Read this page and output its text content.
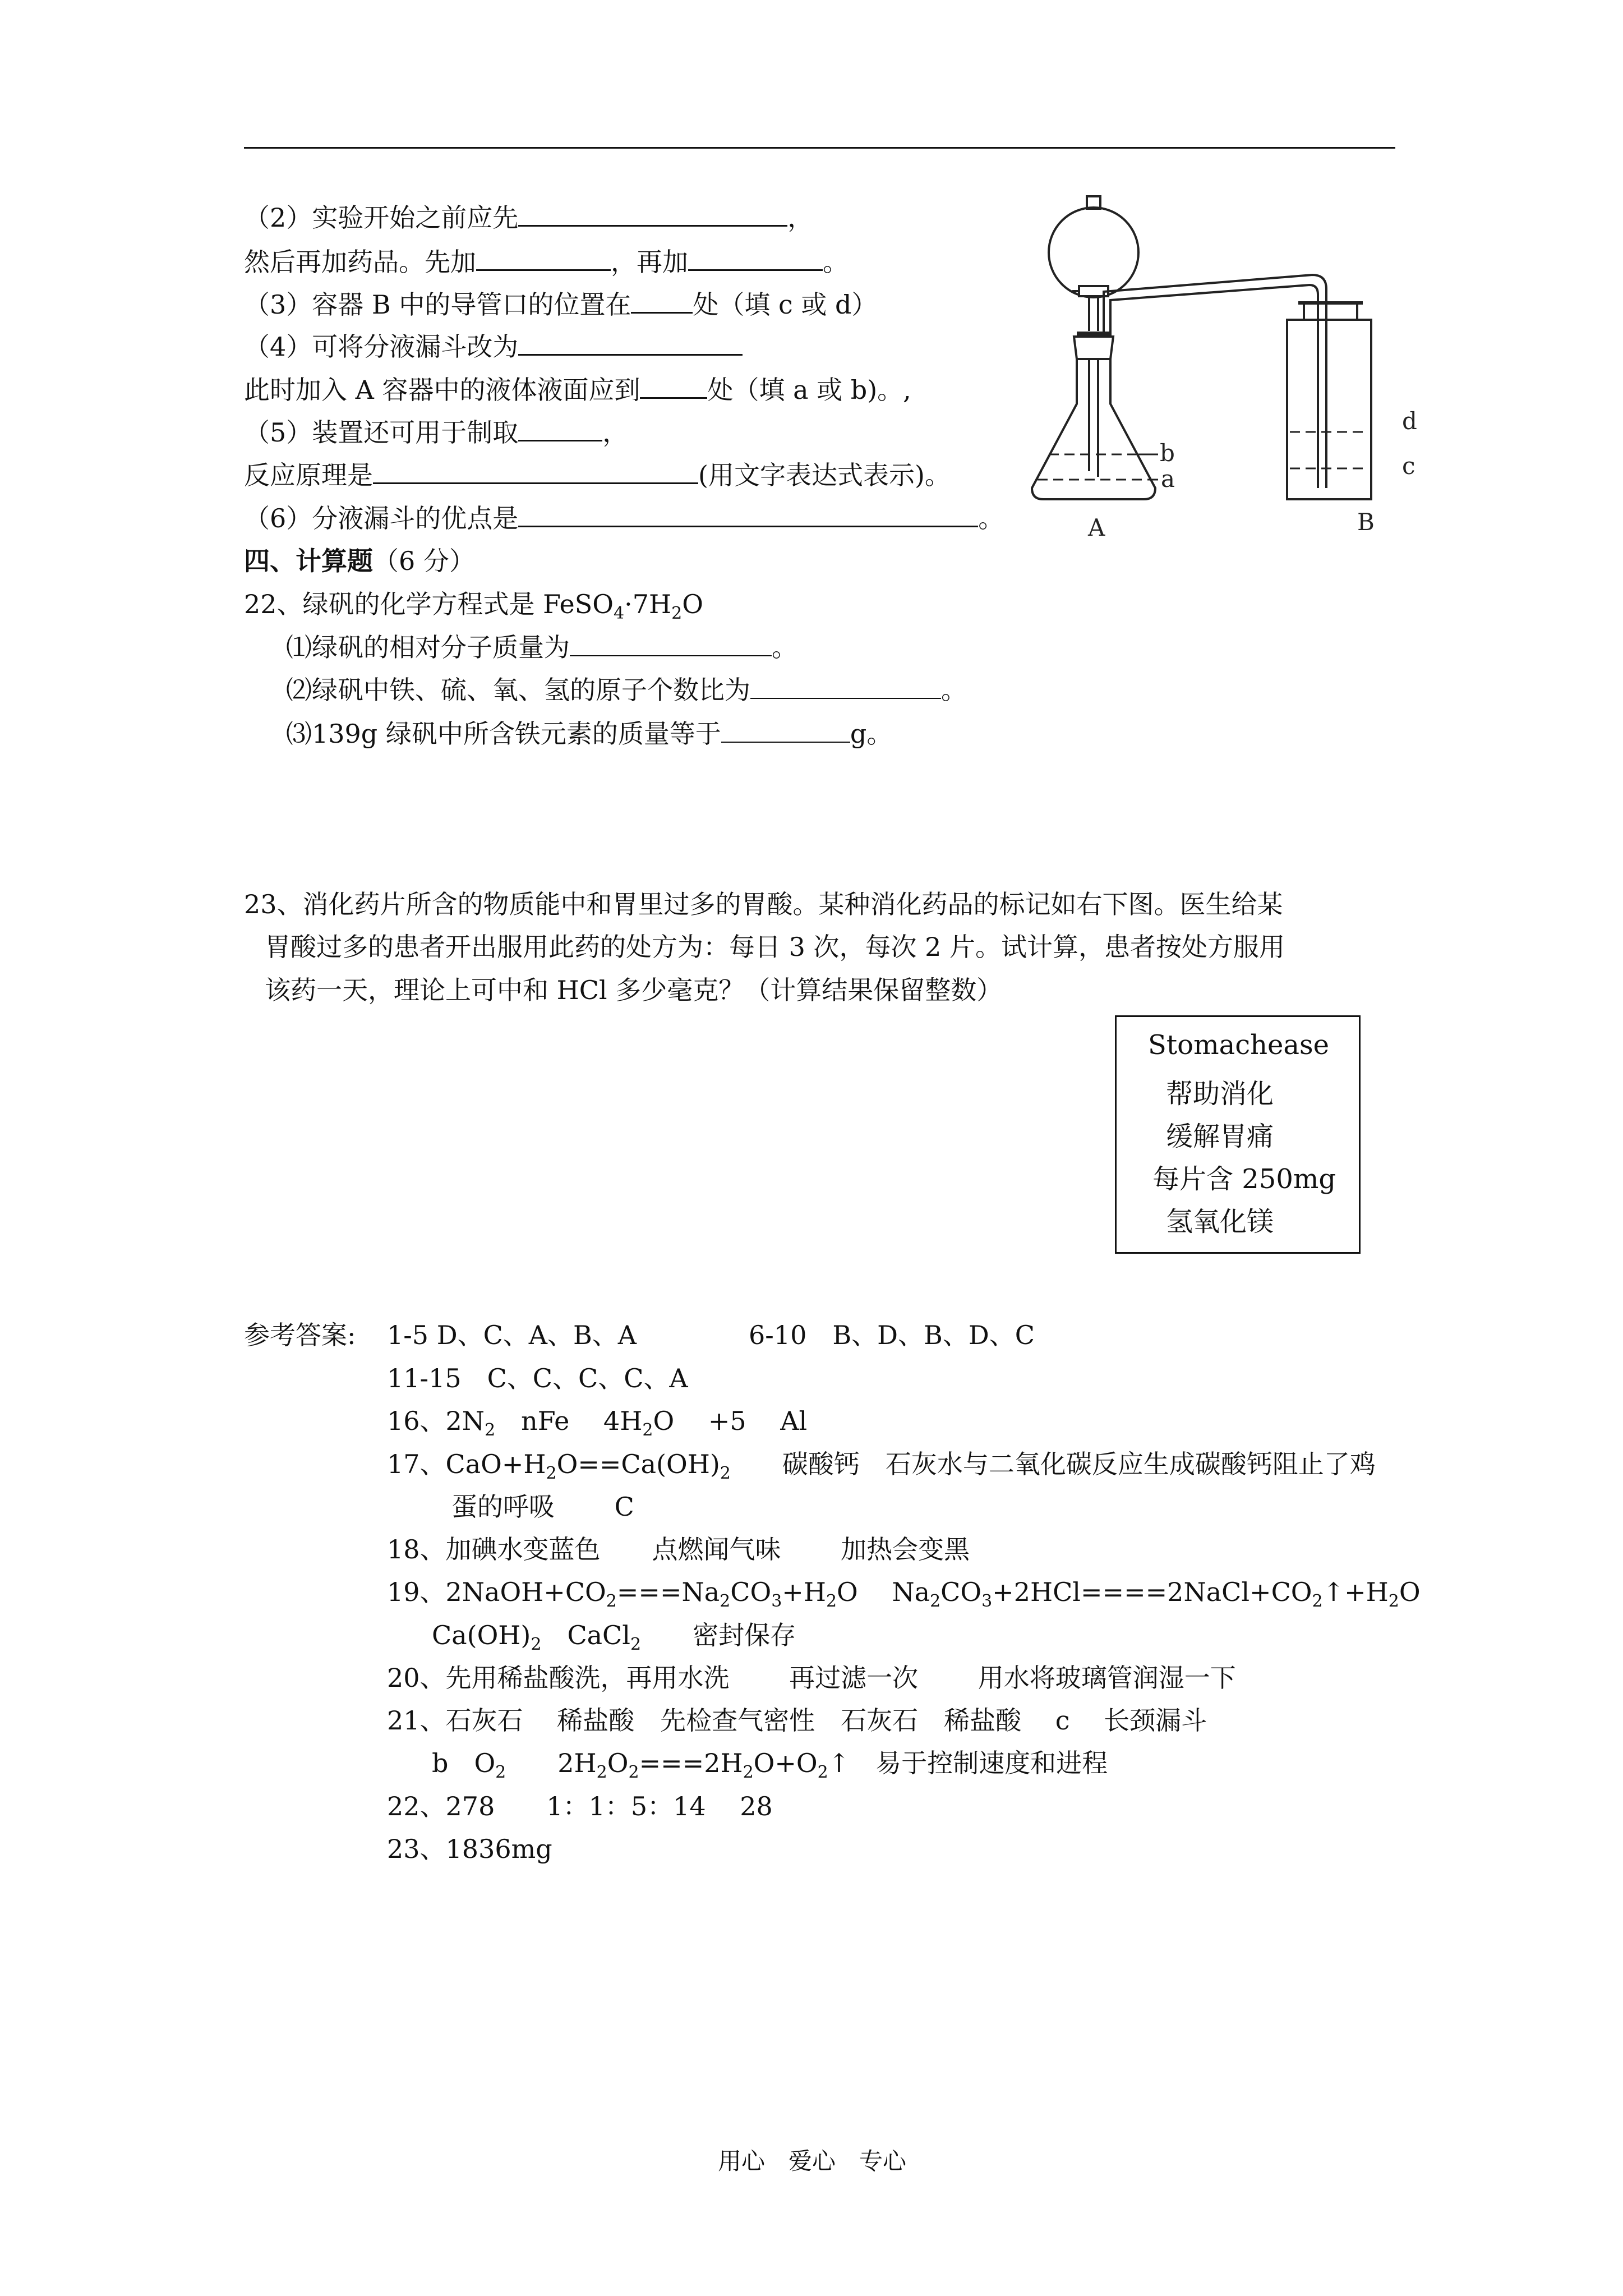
（2）实验开始之前应先	，
然后再加药品。先加	，再加	。
（3）容器 B 中的导管口的位置在 处（填 c 或 d）
（4）可将分液漏斗改为
此时加入 A 容器中的液体液面应到	处（填 a 或 b)。,
（5）装置还可用于制取	，
反应原理是	(用文字表达式表示)。
（6）分液漏斗的优点是	。
b
a
d
c
A	B
四、计算题（6 分）
22、绿矾的化学方程式是 $FeSO_4\cdot 7H_2O$
⑴绿矾的相对分子质量为	。
⑵绿矾中铁、硫、氧、氢的原子个数比为	。
⑶139g 绿矾中所含铁元素的质量等于	g。
23、消化药片所含的物质能中和胃里过多的胃酸。某种消化药品的标记如右下图。医生给某
胃酸过多的患者开出服用此药的处方为：每日 3 次，每次 2 片。试计算，患者按处方服用
该药一天，理论上可中和 HCl 多少毫克？（计算结果保留整数）
Stomachease
帮助消化
缓解胃痛
每片含 250mg
氢氧化镁
参考答案: 1-5 D、C、A、B、A	6-10　B、D、B、D、C
11-15　C、C、C、C、A
16、$2N_2$　nFe　 $4H_2O$　 +5　 Al
17、$CaO+H_2O==Ca(OH)_2$　　碳酸钙　石灰水与二氧化碳反应生成碳酸钙阻止了鸡
蛋的呼吸　　 C
18、加碘水变蓝色　　点燃闻气味　　 加热会变黑
19、$2NaOH+CO_2===Na_2CO_3+H_2O$　 $Na_2CO_3+2HCl====2NaCl+CO_2↑+H_2O$
$Ca(OH)_2$　CaCl$_2$　　密封保存
20、先用稀盐酸洗，再用水洗　　 再过滤一次　　 用水将玻璃管润湿一下
21、石灰石　 稀盐酸　先检查气密性　石灰石　稀盐酸　 c　 长颈漏斗
b　$O_2$　　$2H_2O_2===2H_2O+O_2↑$　易于控制速度和进程
22、278　　1：1：5：14　 28
23、1836mg
用心　爱心　专心
